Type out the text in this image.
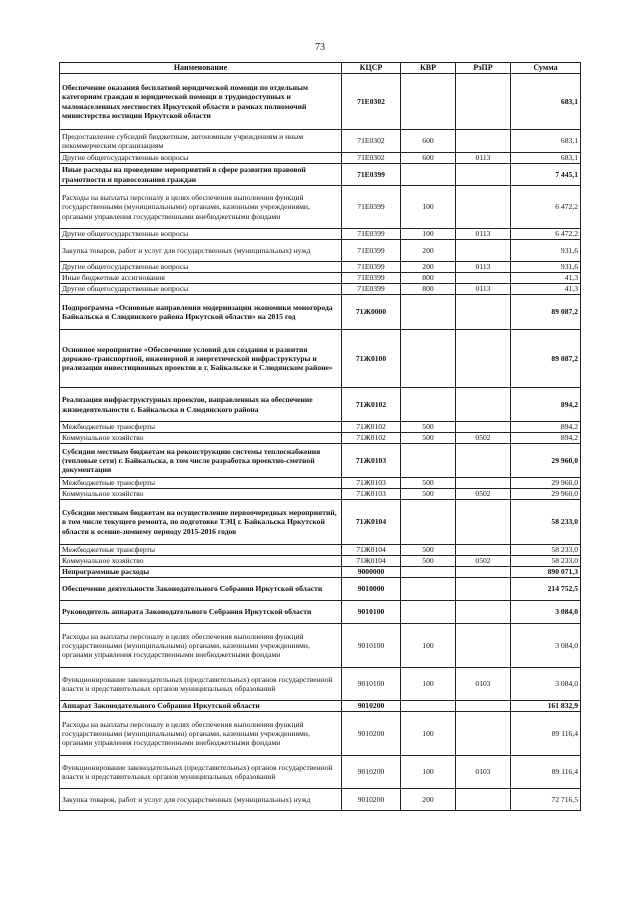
73
Наименование	КЦСР	КВР	РзПР	Сумма
Обеспечение оказания бесплатной юридической помощи по отдельным категориям граждан и юридической помощи в труднодоступных и малонаселенных местностях Иркутской области в рамках полномочий министерства юстиции Иркутской области	71Е0302			683,1
Предоставление субсидий бюджетным, автономным учреждениям и иным некоммерческим организациям	71Е0302	600		683,1
Другие общегосударственные вопросы	71Е0302	600	0113	683,1
Иные расходы на проведение мероприятий в сфере развития правовой грамотности и правосознания граждан	71Е0399			7 445,1
Расходы на выплаты персоналу в целях обеспечения выполнения функций государственными (муниципальными) органами, казенными учреждениями, органами управления государственными внебюджетными фондами	71Е0399	100		6 472,2
Другие общегосударственные вопросы	71Е0399	100	0113	6 472,2
Закупка товаров, работ и услуг для государственных (муниципальных) нужд	71Е0399	200		931,6
Другие общегосударственные вопросы	71Е0399	200	0113	931,6
Иные бюджетные ассигнования	71Е0399	800		41,3
Другие общегосударственные вопросы	71Е0399	800	0113	41,3
Подпрограмма «Основные направления модернизации экономики моногорода Байкальска и Слюдянского района Иркутской области» на 2015 год	71Ж0000			89 087,2
Основное мероприятие «Обеспечение условий для создания и развития дорожно-транспортной, инженерной и энергетической инфраструктуры и реализации инвестиционных проектов в г. Байкальске и Слюдянском районе»	71Ж0100			89 087,2
Реализация инфраструктурных проектов, направленных на обеспечение жизнедеятельности г. Байкальска и Слюдянского района	71Ж0102			894,2
Межбюджетные трансферты	71Ж0102	500		894,2
Коммунальное хозяйство	71Ж0102	500	0502	894,2
Субсидии местным бюджетам на реконструкцию системы теплоснабжения (тепловые сети) г. Байкальска, в том числе разработка проектно-сметной документации	71Ж0103			29 960,0
Межбюджетные трансферты	71Ж0103	500		29 960,0
Коммунальное хозяйство	71Ж0103	500	0502	29 960,0
Субсидии местным бюджетам на осуществление первоочередных мероприятий, в том числе текущего ремонта, по подготовке ТЭЦ г. Байкальска Иркутской области к осенне-зимнему периоду 2015-2016 годов	71Ж0104			58 233,0
Межбюджетные трансферты	71Ж0104	500		58 233,0
Коммунальное хозяйство	71Ж0104	500	0502	58 233,0
Непрограммные расходы	9000000			890 071,3
Обеспечение деятельности Законодательного Собрания Иркутской области	9010000			214 752,5
Руководитель аппарата Законодательного Собрания Иркутской области	9010100			3 084,0
Расходы на выплаты персоналу в целях обеспечения выполнения функций государственными (муниципальными) органами, казенными учреждениями, органами управления государственными внебюджетными фондами	9010100	100		3 084,0
Функционирование законодательных (представительных) органов государственной власти и представительных органов муниципальных образований	9010100	100	0103	3 084,0
Аппарат Законодательного Собрания Иркутской области	9010200			161 832,9
Расходы на выплаты персоналу в целях обеспечения выполнения функций государственными (муниципальными) органами, казенными учреждениями, органами управления государственными внебюджетными фондами	9010200	100		89 116,4
Функционирование законодательных (представительных) органов государственной власти и представительных органов муниципальных образований	9010200	100	0103	89 116,4
Закупка товаров, работ и услуг для государственных (муниципальных) нужд	9010200	200		72 716,5
